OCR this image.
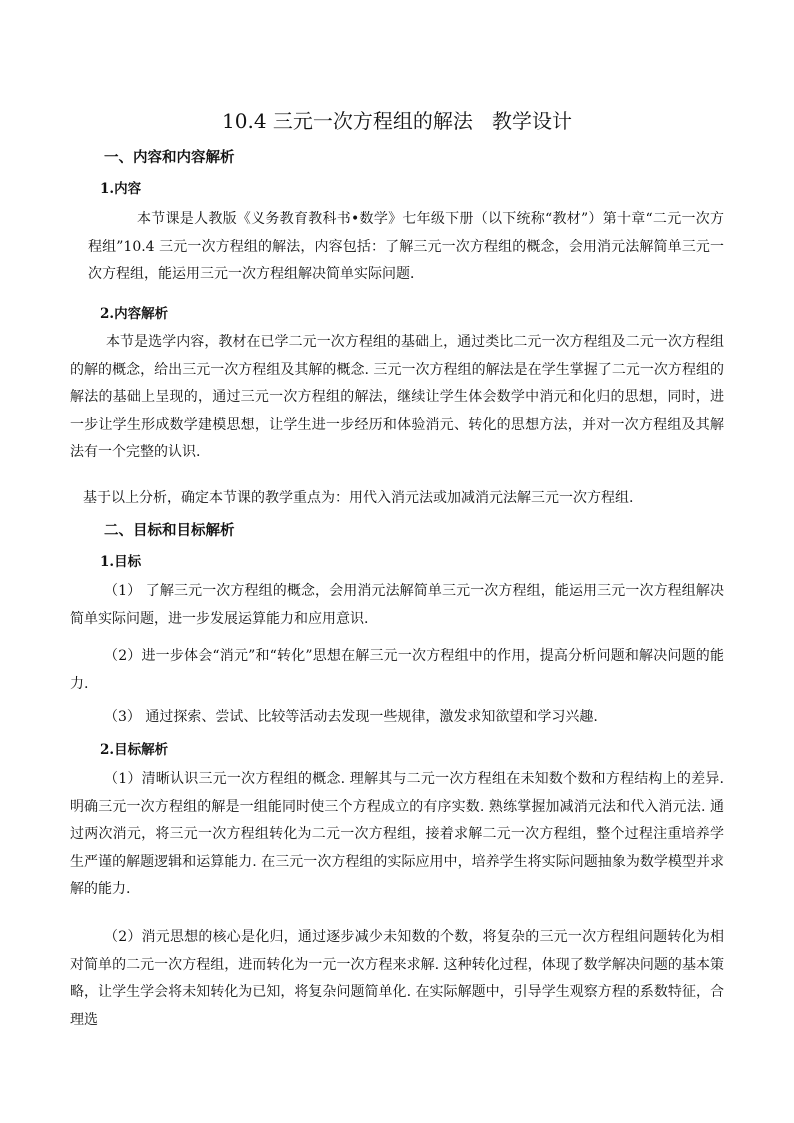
10.4 三元一次方程组的解法   教学设计
一、内容和内容解析
1.内容

本节课是人教版《义务教育教科书•数学》七年级下册（以下统称“教材”）第十章“二元一次方程组”10.4 三元一次方程组的解法，内容包括：了解三元一次方程组的概念，会用消元法解简单三元一次方程组，能运用三元一次方程组解决简单实际问题．

2.内容解析

本节是选学内容，教材在已学二元一次方程组的基础上，通过类比二元一次方程组及二元一次方程组的解的概念，给出三元一次方程组及其解的概念. 三元一次方程组的解法是在学生掌握了二元一次方程组的解法的基础上呈现的，通过三元一次方程组的解法，继续让学生体会数学中消元和化归的思想，同时，进一步让学生形成数学建模思想，让学生进一步经历和体验消元、转化的思想方法，并对一次方程组及其解法有一个完整的认识.

基于以上分析，确定本节课的教学重点为：用代入消元法或加减消元法解三元一次方程组.

二、目标和目标解析
1.目标

（1） 了解三元一次方程组的概念，会用消元法解简单三元一次方程组，能运用三元一次方程组解决简单实际问题，进一步发展运算能力和应用意识.

（2）进一步体会“消元”和“转化”思想在解三元一次方程组中的作用，提高分析问题和解决问题的能力.

（3） 通过探索、尝试、比较等活动去发现一些规律，激发求知欲望和学习兴趣.

2.目标解析

（1）清晰认识三元一次方程组的概念. 理解其与二元一次方程组在未知数个数和方程结构上的差异.明确三元一次方程组的解是一组能同时使三个方程成立的有序实数. 熟练掌握加减消元法和代入消元法. 通过两次消元，将三元一次方程组转化为二元一次方程组，接着求解二元一次方程组，整个过程注重培养学生严谨的解题逻辑和运算能力. 在三元一次方程组的实际应用中，培养学生将实际问题抽象为数学模型并求解的能力.

（2）消元思想的核心是化归，通过逐步减少未知数的个数，将复杂的三元一次方程组问题转化为相对简单的二元一次方程组，进而转化为一元一次方程来求解. 这种转化过程，体现了数学解决问题的基本策略，让学生学会将未知转化为已知，将复杂问题简单化. 在实际解题中，引导学生观察方程的系数特征，合理选
